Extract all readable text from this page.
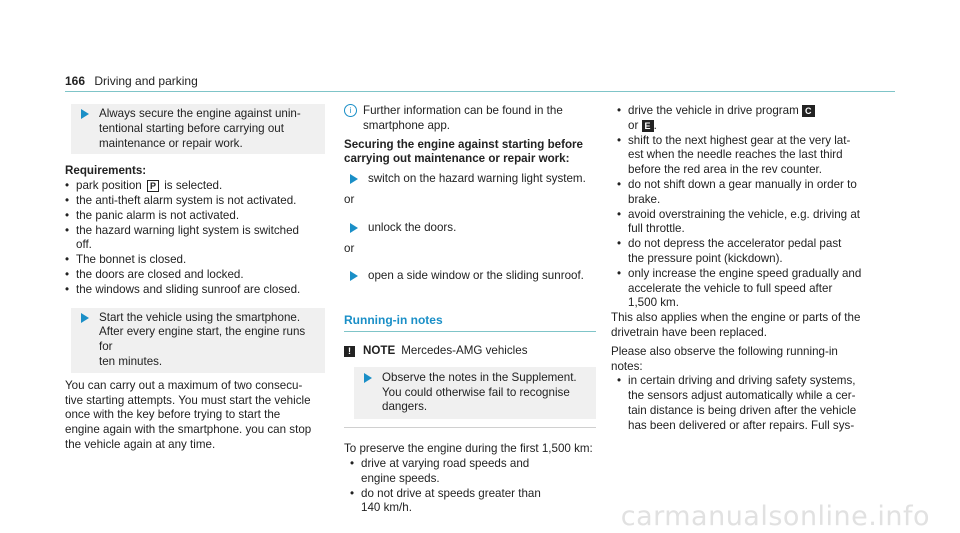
166 Driving and parking
Always secure the engine against unin-
tentional starting before carrying out
maintenance or repair work.
Requirements:
• park position P is selected.
• the anti-theft alarm system is not activated.
• the panic alarm is not activated.
• the hazard warning light system is switched off.
• The bonnet is closed.
• the doors are closed and locked.
• the windows and sliding sunroof are closed.
Start the vehicle using the smartphone.
After every engine start, the engine runs for
ten minutes.
You can carry out a maximum of two consecu-
tive starting attempts. You must start the vehicle
once with the key before trying to start the
engine again with the smartphone. you can stop
the vehicle again at any time.
i	Further information can be found in the
smartphone app.
Securing the engine against starting before
carrying out maintenance or repair work:
switch on the hazard warning light system.
or
unlock the doors.
or
open a side window or the sliding sunroof.
Running-in notes
!	NOTE Mercedes-AMG vehicles
Observe the notes in the Supplement.
You could otherwise fail to recognise
dangers.
To preserve the engine during the first 1,500 km:
• drive at varying road speeds and engine speeds.
• do not drive at speeds greater than 140 km/h.
• drive the vehicle in drive program C
or E .
• shift to the next highest gear at the very lat-
est when the needle reaches the last third
before the red area in the rev counter.
• do not shift down a gear manually in order to
brake.
• avoid overstraining the vehicle, e.g. driving at
full throttle.
• do not depress the accelerator pedal past
the pressure point (kickdown).
• only increase the engine speed gradually and
accelerate the vehicle to full speed after
1,500 km.
This also applies when the engine or parts of the
drivetrain have been replaced.
Please also observe the following running-in
notes:
• in certain driving and driving safety systems,
the sensors adjust automatically while a cer-
tain distance is being driven after the vehicle
has been delivered or after repairs. Full sys-
carmanualsonline.info
